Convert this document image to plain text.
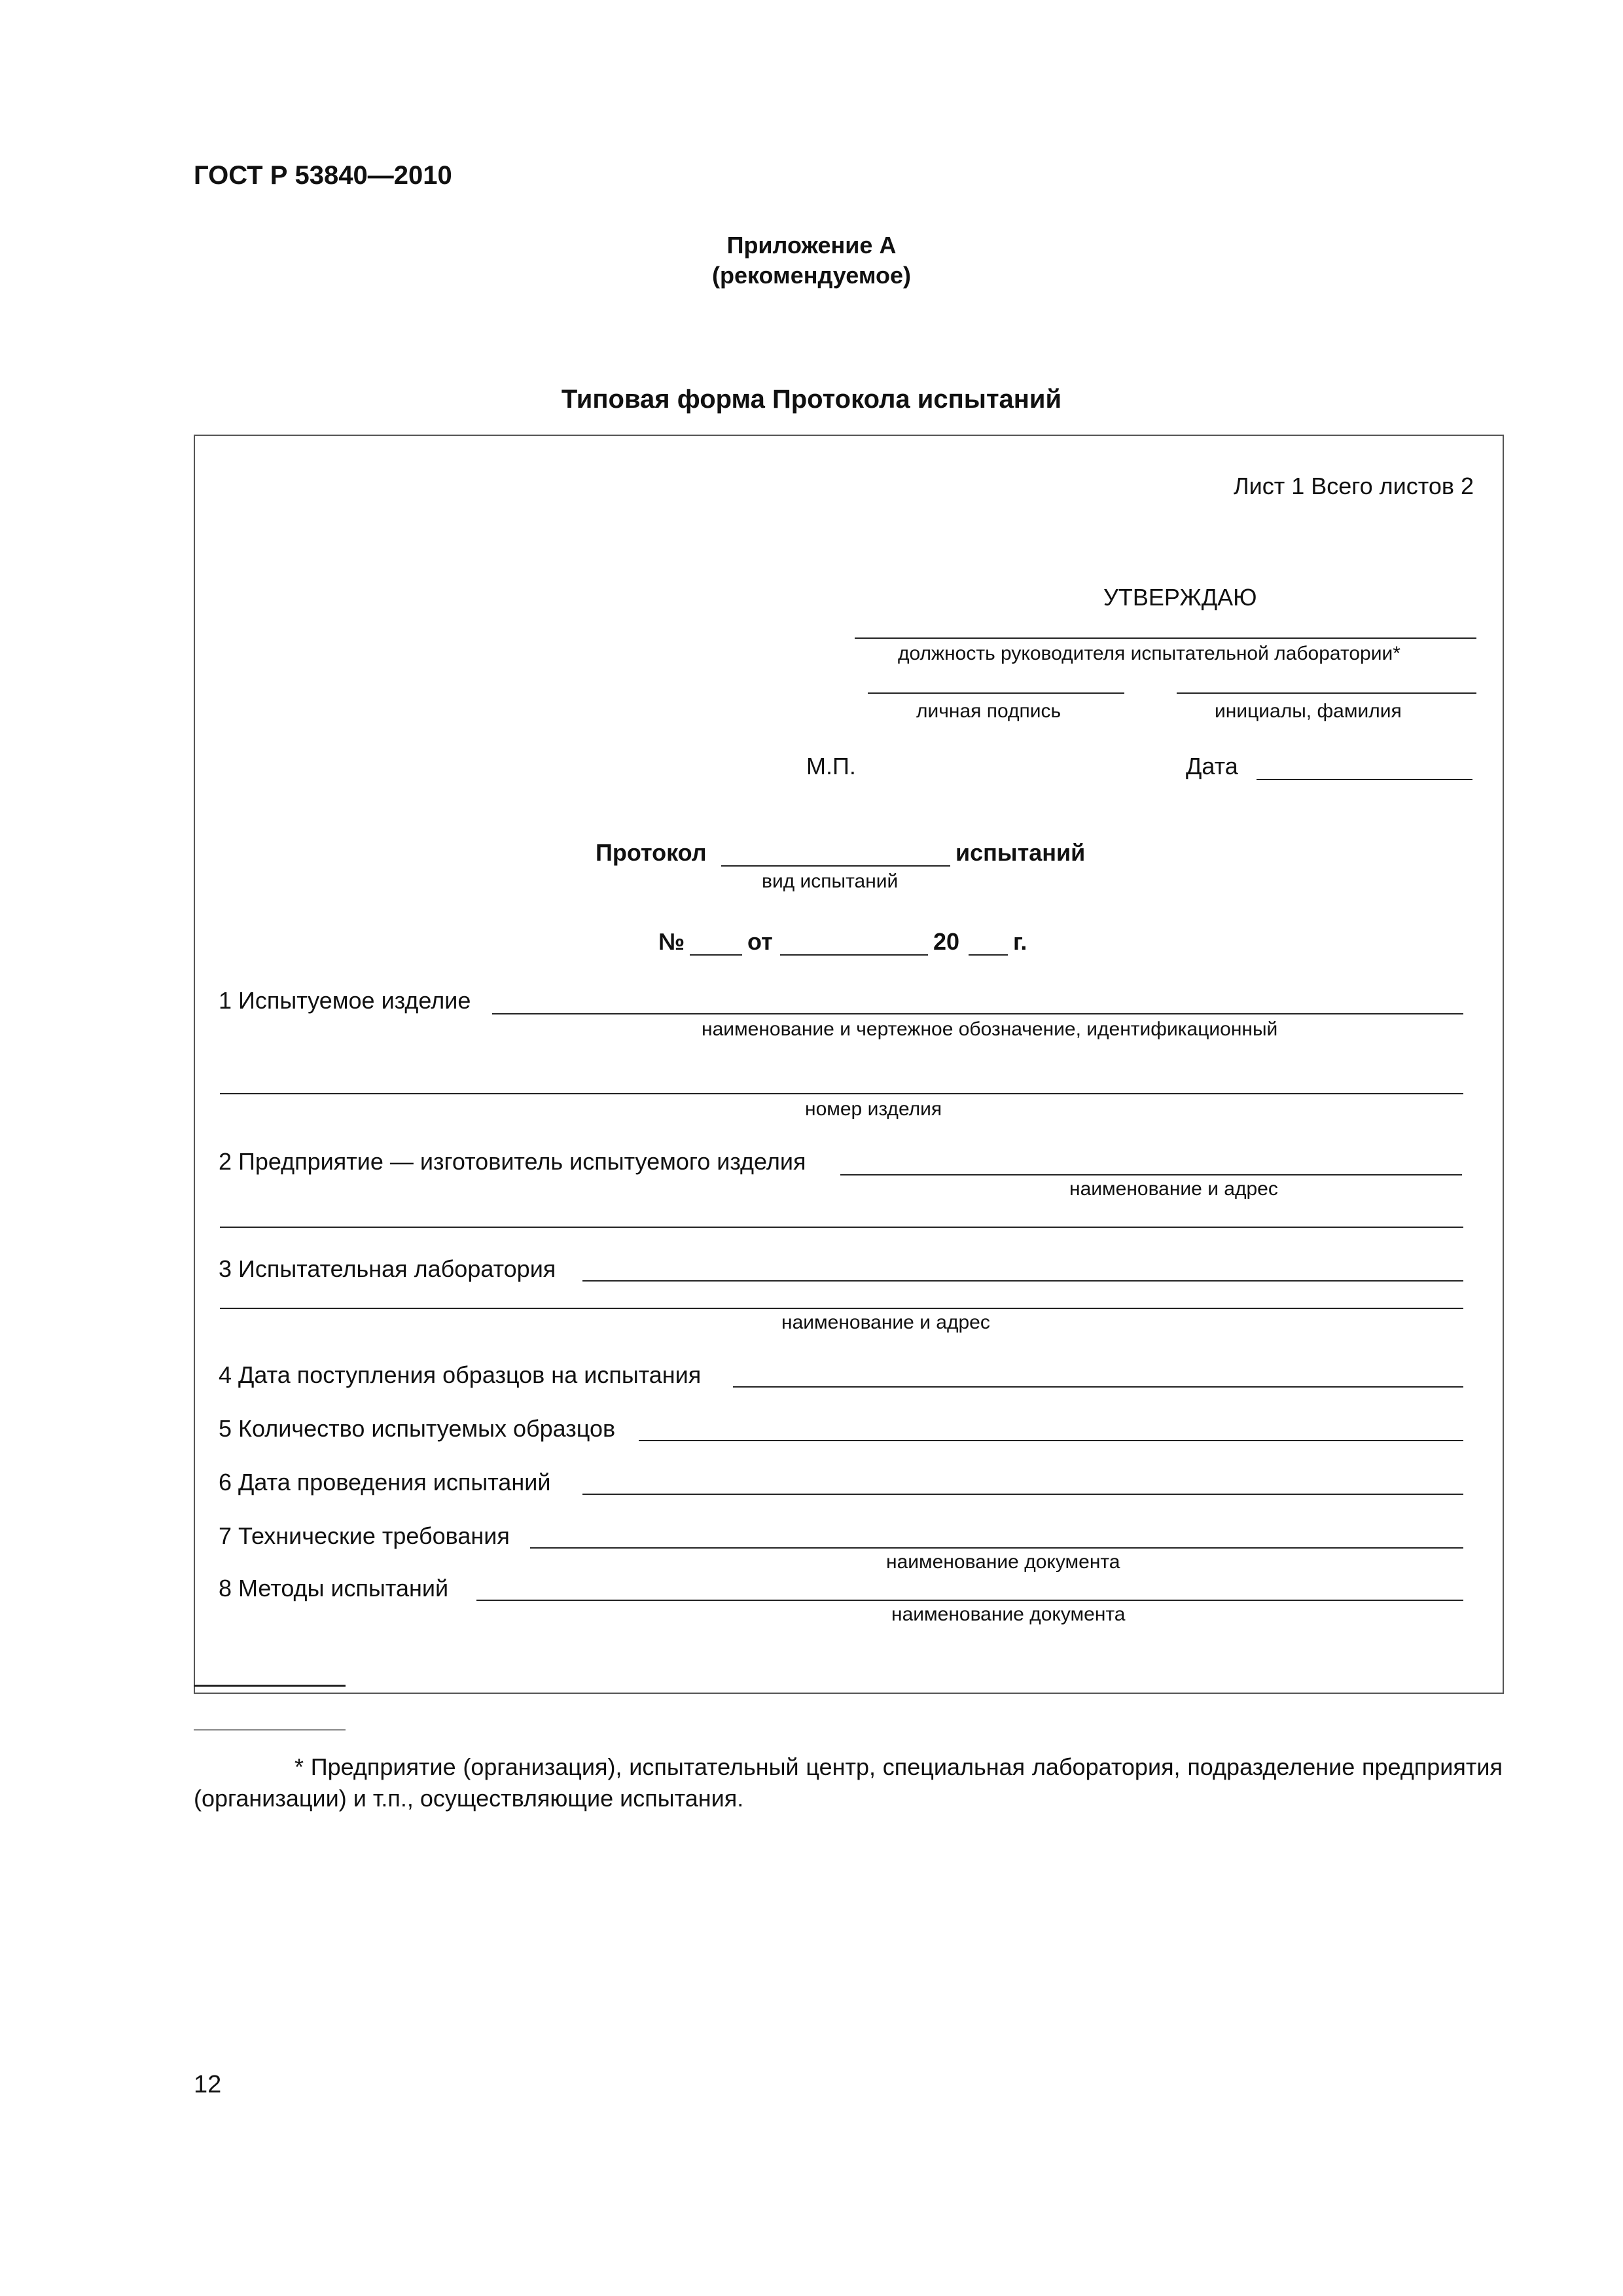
ГОСТ Р 53840—2010
Приложение А
(рекомендуемое)
Типовая форма Протокола испытаний
Лист 1 Всего листов 2
УТВЕРЖДАЮ
должность руководителя испытательной лаборатории*
личная подпись	инициалы, фамилия
М.П.	Дата
Протокол	испытаний
вид испытаний
№	от	20 г.
1 Испытуемое изделие
наименование и чертежное обозначение, идентификационный
номер изделия
2 Предприятие — изготовитель испытуемого изделия
наименование и адрес
3 Испытательная лаборатория
наименование и адрес
4 Дата поступления образцов на испытания
5 Количество испытуемых образцов
6 Дата проведения испытаний
7 Технические требования
наименование документа
8 Методы испытаний
наименование документа
* Предприятие (организация), испытательный центр, специальная лаборатория, подразделение предприятия (организации) и т.п., осуществляющие испытания.
12
